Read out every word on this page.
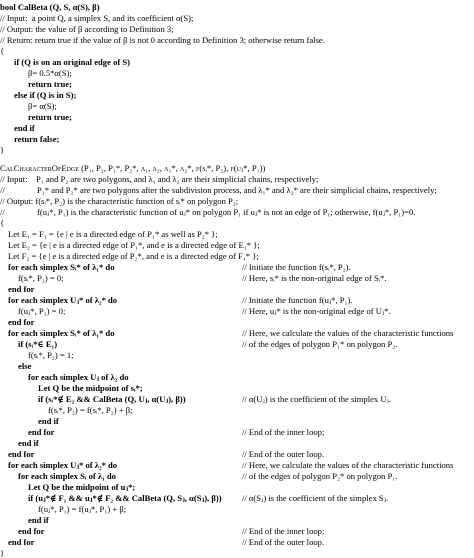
bool CalBeta (Q, S, α(S), β)
// Input:  a point Q, a simplex S, and its coefficient α(S);
// Output: the value of β according to Definition 3;
// Return: return true if the value of β is not 0 according to Definition 3; otherwise return false.
{
if (Q is on an original edge of S)
β= 0.5*α(S);
return true;
else if (Q is in S);
β= α(S);
return true;
end if
return false;
}
CalCharacterOfEdge (P₁, P₂, P₁*, P₂*, λ₁, λ₂, λ₁*, λ₂*, f(sᵢ*, P₂), f(uⱼ*, P₁))
// Input:    P₁ and P₂ are two polygons, and λ₁ and λ₂ are their simplicial chains, respectively;
//               P₁* and P₂* are two polygons after the subdivision process, and λ₁* and λ₂* are their simplicial chains, respectively;
// Output: f(sᵢ*, P₂) is the characteristic function of sᵢ* on polygon P₂;
//               f(uⱼ*, P₁) is the characteristic function of uⱼ* on polygon P₁ if uⱼ* is not an edge of P₁; otherwise, f(uⱼ*, P₁)=0.
{
Let E₁ = F₁ = {e | e is a directed edge of P₁* as well as P₂* };
Let E₂ = {e | e is a directed edge of P₁*, and e is a directed edge of E₁* };
Let F₂ = {e | e is a directed edge of P₂*, and e is a directed edge of F₁* };
for each simplex Sᵢ* of λ₁* do	// Initiate the function f(sᵢ*, P₂).
f(sᵢ*, P₂) = 0;	// Here, sᵢ* is the non-original edge of Sᵢ*.
end for
for each simplex Uⱼ* of λ₂* do	// Initiate the function f(uⱼ*, P₁).
f(uⱼ*, P₁) = 0;	// Here, uⱼ* is the non-original edge of Uⱼ*.
end for
for each simplex Sᵢ* of λ₁* do	// Here, we calculate the values of the characteristic functions
if (sᵢ*∈ E₁)	// of the edges of polygon P₁* on polygon P₂.
f(sᵢ*, P₂) = 1;
else
for each simplex Uⱼ of λ₂ do
Let Q be the midpoint of sᵢ*;
if (sᵢ*∉ E₂ && CalBeta (Q, Uⱼ, α(Uⱼ), β))	// α(Uⱼ) is the coefficient of the simplex Uⱼ.
f(sᵢ*, P₂) = f(sᵢ*, P₂) + β;
end if
end for	// End of the inner loop;
end if
end for	// End of the outer loop.
for each simplex Uⱼ* of λ₂* do	// Here, we calculate the values of the characteristic functions
for each simplex Sᵢ of λ₁ do	// of the edges of polygon P₂* on polygon P₁.
Let Q be the midpoint of uⱼ*;
if (uⱼ*∉ F₁ && uⱼ*∉ F₂ && CalBeta (Q, Sⱼ, α(Sⱼ), β)) // α(Sⱼ) is the coefficient of the simplex Sⱼ.
f(uⱼ*, P₁) = f(uⱼ*, P₁) + β;
end if
end for	// End of the inner loop;
end for	// End of the outer loop.
}
